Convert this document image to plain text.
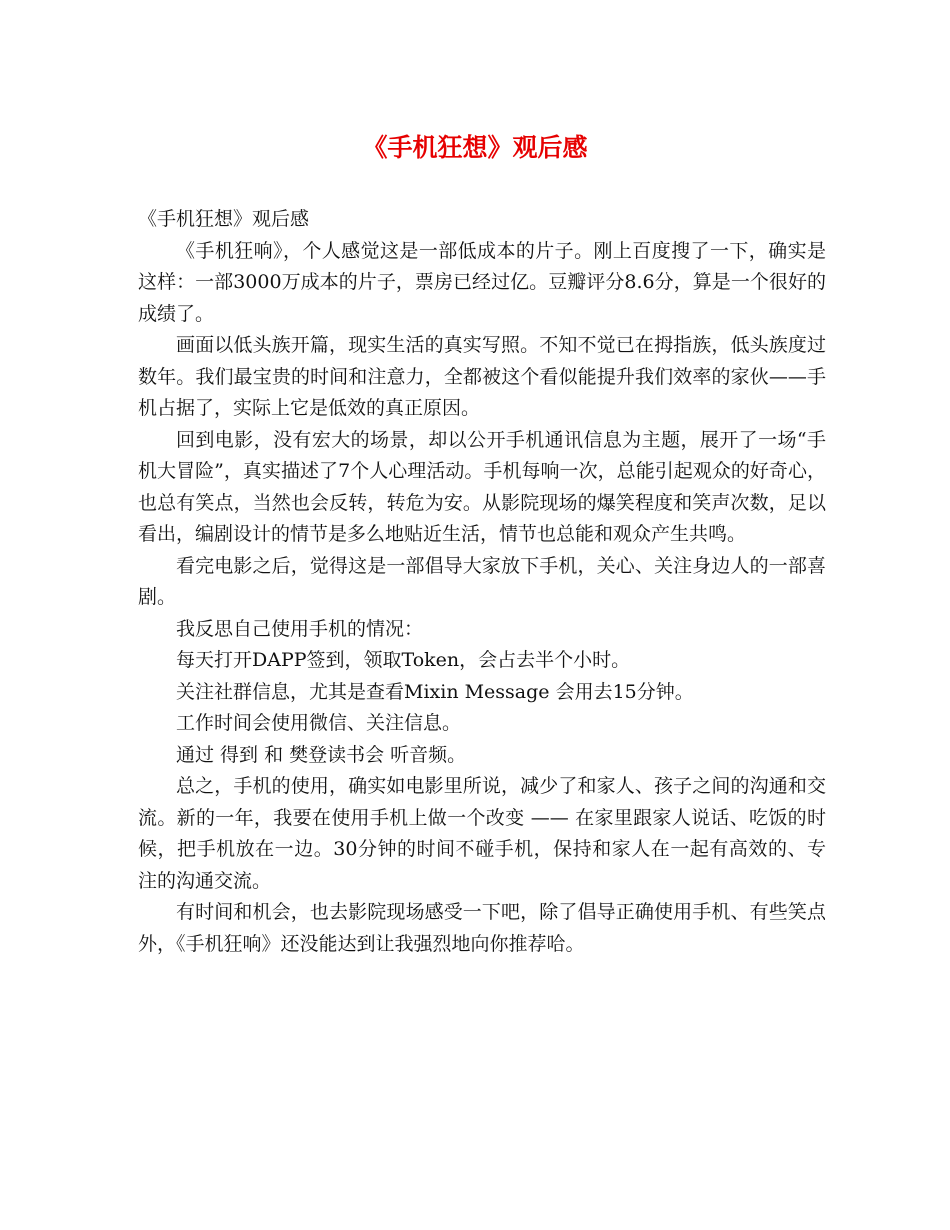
《手机狂想》观后感

《手机狂想》观后感

《手机狂响》，个人感觉这是一部低成本的片子。刚上百度搜了一下，确实是这样：一部3000万成本的片子，票房已经过亿。豆瓣评分8.6分，算是一个很好的成绩了。

画面以低头族开篇，现实生活的真实写照。不知不觉已在拇指族，低头族度过数年。我们最宝贵的时间和注意力，全都被这个看似能提升我们效率的家伙——手机占据了，实际上它是低效的真正原因。

回到电影，没有宏大的场景，却以公开手机通讯信息为主题，展开了一场“手机大冒险”，真实描述了7个人心理活动。手机每响一次，总能引起观众的好奇心，也总有笑点，当然也会反转，转危为安。从影院现场的爆笑程度和笑声次数，足以看出，编剧设计的情节是多么地贴近生活，情节也总能和观众产生共鸣。

看完电影之后，觉得这是一部倡导大家放下手机，关心、关注身边人的一部喜剧。

我反思自己使用手机的情况：

每天打开DAPP签到，领取Token，会占去半个小时。

关注社群信息，尤其是查看Mixin Message 会用去15分钟。

工作时间会使用微信、关注信息。

通过 得到 和 樊登读书会 听音频。

总之，手机的使用，确实如电影里所说，减少了和家人、孩子之间的沟通和交流。新的一年，我要在使用手机上做一个改变 —— 在家里跟家人说话、吃饭的时候，把手机放在一边。30分钟的时间不碰手机，保持和家人在一起有高效的、专注的沟通交流。

有时间和机会，也去影院现场感受一下吧，除了倡导正确使用手机、有些笑点外，《手机狂响》还没能达到让我强烈地向你推荐哈。
